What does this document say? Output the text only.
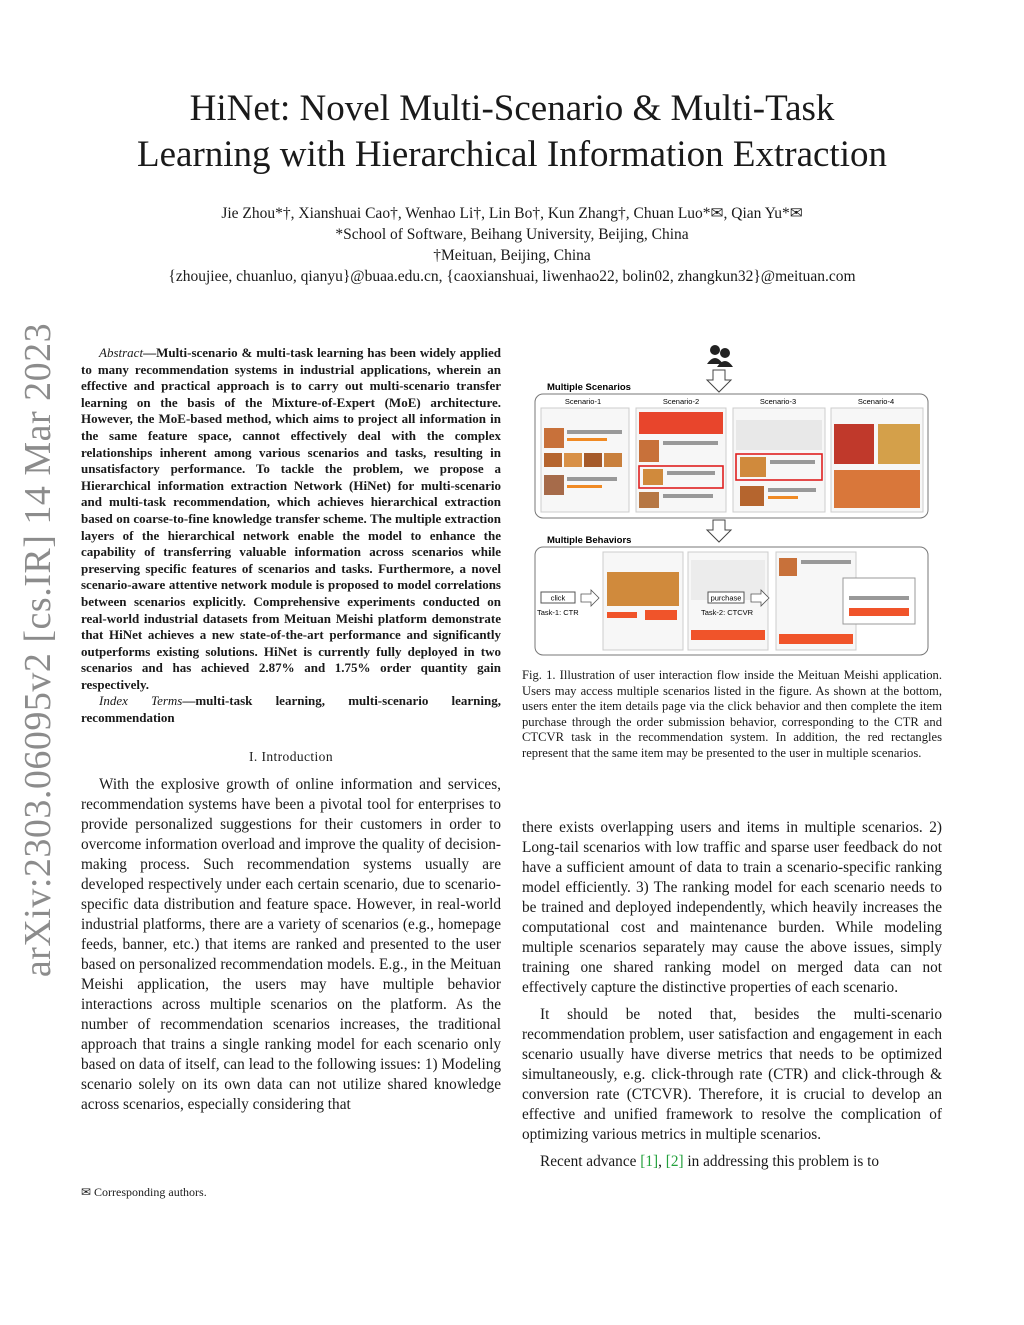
arXiv:2303.06095v2 [cs.IR] 14 Mar 2023
HiNet: Novel Multi-Scenario & Multi-Task
Learning with Hierarchical Information Extraction
Jie Zhou*†, Xianshuai Cao†, Wenhao Li†, Lin Bo†, Kun Zhang†, Chuan Luo*✉, Qian Yu*✉
*School of Software, Beihang University, Beijing, China
†Meituan, Beijing, China
{zhoujiee, chuanluo, qianyu}@buaa.edu.cn, {caoxianshuai, liwenhao22, bolin02, zhangkun32}@meituan.com
Abstract—Multi-scenario & multi-task learning has been widely applied to many recommendation systems in industrial applications, wherein an effective and practical approach is to carry out multi-scenario transfer learning on the basis of the Mixture-of-Expert (MoE) architecture. However, the MoE-based method, which aims to project all information in the same feature space, cannot effectively deal with the complex relationships inherent among various scenarios and tasks, resulting in unsatisfactory performance. To tackle the problem, we propose a Hierarchical information extraction Network (HiNet) for multi-scenario and multi-task recommendation, which achieves hierarchical extraction based on coarse-to-fine knowledge transfer scheme. The multiple extraction layers of the hierarchical network enable the model to enhance the capability of transferring valuable information across scenarios while preserving specific features of scenarios and tasks. Furthermore, a novel scenario-aware attentive network module is proposed to model correlations between scenarios explicitly. Comprehensive experiments conducted on real-world industrial datasets from Meituan Meishi platform demonstrate that HiNet achieves a new state-of-the-art performance and significantly outperforms existing solutions. HiNet is currently fully deployed in two scenarios and has achieved 2.87% and 1.75% order quantity gain respectively.
Index Terms—multi-task learning, multi-scenario learning, recommendation
I. Introduction

With the explosive growth of online information and services, recommendation systems have been a pivotal tool for enterprises to provide personalized suggestions for their customers in order to overcome information overload and improve the quality of decision-making process. Such recommendation systems usually are developed respectively under each certain scenario, due to scenario-specific data distribution and feature space. However, in real-world industrial platforms, there are a variety of scenarios (e.g., homepage feeds, banner, etc.) that items are ranked and presented to the user based on personalized recommendation models. E.g., in the Meituan Meishi application, the users may have multiple behavior interactions across multiple scenarios on the platform. As the number of recommendation scenarios increases, the traditional approach that trains a single ranking model for each scenario only based on data of itself, can lead to the following issues: 1) Modeling scenario solely on its own data can not utilize shared knowledge across scenarios, especially considering that

✉ Corresponding authors.
Multiple Scenarios
Scenario-1	Scenario-2	Scenario-3	Scenario-4
Multiple Behaviors
click
Task-1: CTR
purchase
Task-2: CTCVR
Fig. 1. Illustration of user interaction flow inside the Meituan Meishi application. Users may access multiple scenarios listed in the figure. As shown at the bottom, users enter the item details page via the click behavior and then complete the item purchase through the order submission behavior, corresponding to the CTR and CTCVR task in the recommendation system. In addition, the red rectangles represent that the same item may be presented to the user in multiple scenarios.

there exists overlapping users and items in multiple scenarios. 2) Long-tail scenarios with low traffic and sparse user feedback do not have a sufficient amount of data to train a scenario-specific ranking model efficiently. 3) The ranking model for each scenario needs to be trained and deployed independently, which heavily increases the computational cost and maintenance burden. While modeling multiple scenarios separately may cause the above issues, simply training one shared ranking model on merged data can not effectively capture the distinctive properties of each scenario.

It should be noted that, besides the multi-scenario recommendation problem, user satisfaction and engagement in each scenario usually have diverse metrics that needs to be optimized simultaneously, e.g. click-through rate (CTR) and click-through & conversion rate (CTCVR). Therefore, it is crucial to develop an effective and unified framework to resolve the complication of optimizing various metrics in multiple scenarios.

Recent advance [1], [2] in addressing this problem is to
